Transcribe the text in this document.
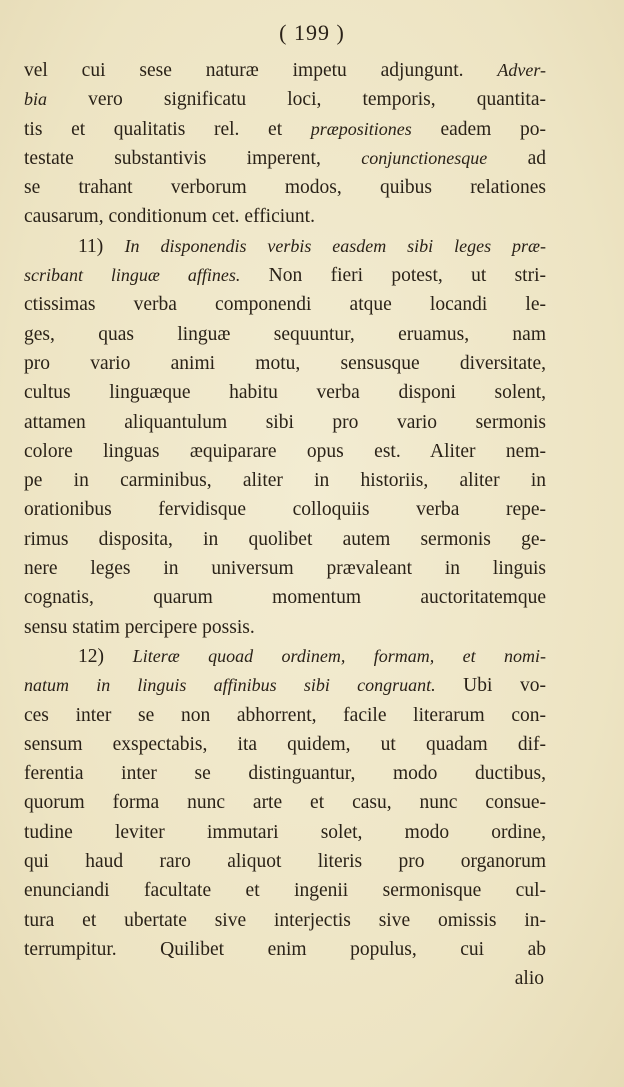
( 199 )
vel cui sese naturæ impetu adjungunt. Adver-
bia vero significatu loci, temporis, quantita-
tis et qualitatis rel. et præpositiones eadem po-
testate substantivis imperent, conjunctionesque ad
se trahant verborum modos, quibus relationes
causarum, conditionum cet. efficiunt.
11) In disponendis verbis easdem sibi leges præ-
scribant linguæ affines. Non fieri potest, ut stri-
ctissimas verba componendi atque locandi le-
ges, quas linguæ sequuntur, eruamus, nam
pro vario animi motu, sensusque diversitate,
cultus linguæque habitu verba disponi solent,
attamen aliquantulum sibi pro vario sermonis
colore linguas æquiparare opus est. Aliter nem-
pe in carminibus, aliter in historiis, aliter in
orationibus fervidisque colloquiis verba repe-
rimus disposita, in quolibet autem sermonis ge-
nere leges in universum prævaleant in linguis
cognatis, quarum momentum auctoritatemque
sensu statim percipere possis.
12) Literæ quoad ordinem, formam, et nomi-
natum in linguis affinibus sibi congruant. Ubi vo-
ces inter se non abhorrent, facile literarum con-
sensum exspectabis, ita quidem, ut quadam dif-
ferentia inter se distinguantur, modo ductibus,
quorum forma nunc arte et casu, nunc consue-
tudine leviter immutari solet, modo ordine,
qui haud raro aliquot literis pro organorum
enunciandi facultate et ingenii sermonisque cul-
tura et ubertate sive interjectis sive omissis in-
terrumpitur. Quilibet enim populus, cui ab
alio
